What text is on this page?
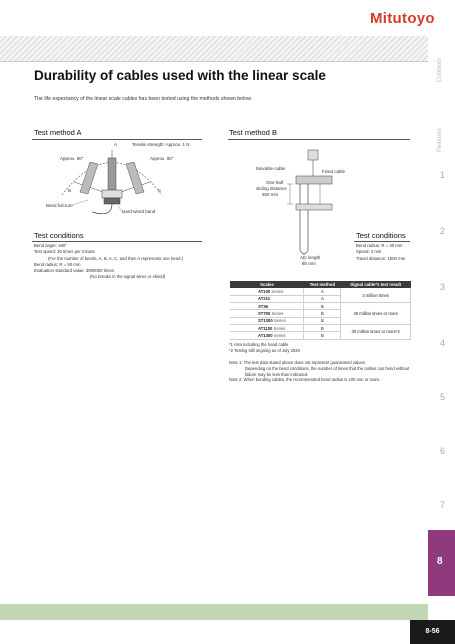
Mitutoyo
Durability of cables used with the linear scale
The life expectancy of the linear scale cables has been tested using the methods shown below.
Test method A
A	Tensile strength: Approx. 1 N
Approx. 90°	Approx. 90°
B	C
Bend fulcrum
Hard-wired band
Test conditions
Bend angle: ±90°
Test speed: 30 times per minute
(For the number of bends, A, B, A, C, and then A represents one bend.)
Bend radius: R = 50 mm
Evaluation standard value: 3000000 times
(No breaks in the signal wires or shield)
Test method B
Movable cable
Fixed cable
One half
sliding distance
500 mm
Arc length
80 mm
Test conditions
Bend radius: R = 40 mm
Speed: 2 m/s
Travel distance: 1000 mm
Scales	Test method	Signal cable*1 test result
AT100 Series	A	3 million times
AT211	A	
ST36	B	40 million times or more
ST700 Series	B	
ST1300 Series	B	
AT1100 Series	B	30 million times or more*2
AT1300 Series	B	
*1 Also including the head cable
*2 Testing still ongoing as of July 2020
Note 1: The test data stated above does not represent guaranteed values.
Depending on the bend conditions, the number of times that the cables can bend without
failure may be less than indicated.
Note 2: When bending cables, the recommended bend radius is 100 mm or more.
Contents
Features
1
2
3
4
5
6
7
8
8-56
